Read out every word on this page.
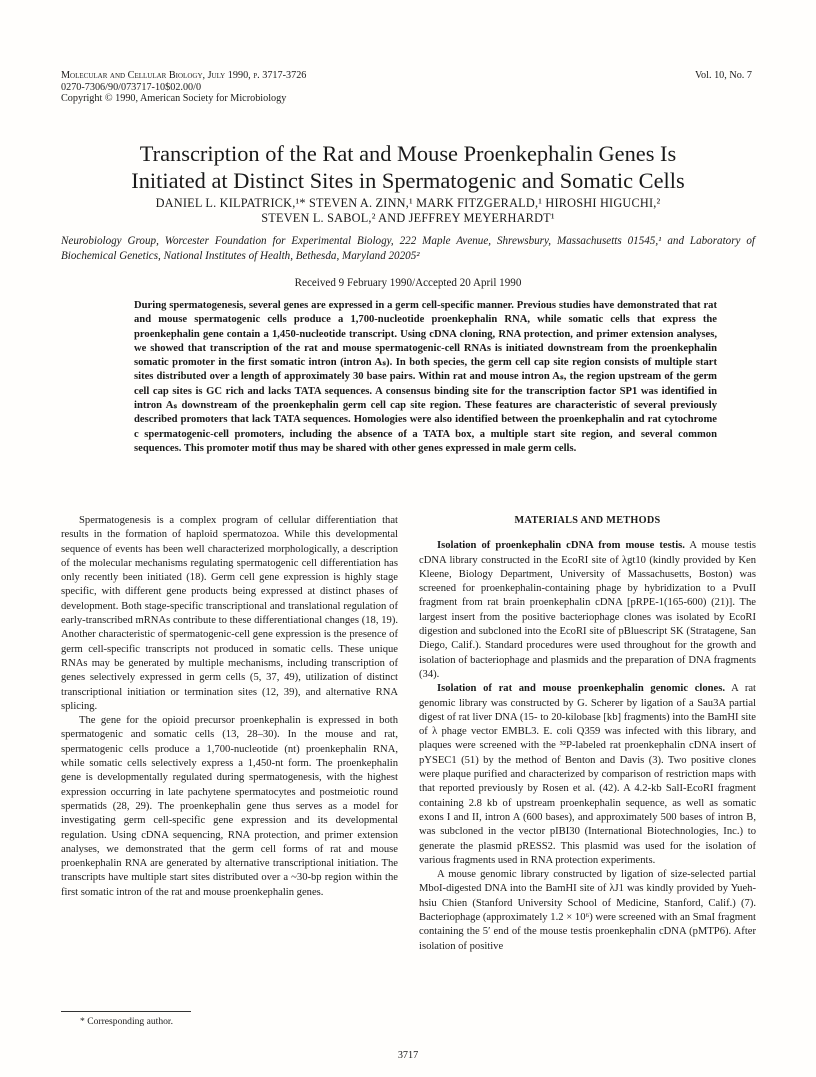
Molecular and Cellular Biology, July 1990, p. 3717-3726
0270-7306/90/073717-10$02.00/0
Copyright © 1990, American Society for Microbiology
Vol. 10, No. 7
Transcription of the Rat and Mouse Proenkephalin Genes Is
Initiated at Distinct Sites in Spermatogenic and Somatic Cells
DANIEL L. KILPATRICK,¹* STEVEN A. ZINN,¹ MARK FITZGERALD,¹ HIROSHI HIGUCHI,²
STEVEN L. SABOL,² AND JEFFREY MEYERHARDT¹
Neurobiology Group, Worcester Foundation for Experimental Biology, 222 Maple Avenue, Shrewsbury, Massachusetts 01545,¹ and Laboratory of Biochemical Genetics, National Institutes of Health, Bethesda, Maryland 20205²
Received 9 February 1990/Accepted 20 April 1990
During spermatogenesis, several genes are expressed in a germ cell-specific manner. Previous studies have demonstrated that rat and mouse spermatogenic cells produce a 1,700-nucleotide proenkephalin RNA, while somatic cells that express the proenkephalin gene contain a 1,450-nucleotide transcript. Using cDNA cloning, RNA protection, and primer extension analyses, we showed that transcription of the rat and mouse spermatogenic-cell RNAs is initiated downstream from the proenkephalin somatic promoter in the first somatic intron (intron Aₛ). In both species, the germ cell cap site region consists of multiple start sites distributed over a length of approximately 30 base pairs. Within rat and mouse intron Aₛ, the region upstream of the germ cell cap sites is GC rich and lacks TATA sequences. A consensus binding site for the transcription factor SP1 was identified in intron Aₛ downstream of the proenkephalin germ cell cap site region. These features are characteristic of several previously described promoters that lack TATA sequences. Homologies were also identified between the proenkephalin and rat cytochrome c spermatogenic-cell promoters, including the absence of a TATA box, a multiple start site region, and several common sequences. This promoter motif thus may be shared with other genes expressed in male germ cells.

Spermatogenesis is a complex program of cellular differentiation that results in the formation of haploid spermatozoa. While this developmental sequence of events has been well characterized morphologically, a description of the molecular mechanisms regulating spermatogenic cell differentiation has only recently been initiated (18). Germ cell gene expression is highly stage specific, with different gene products being expressed at distinct phases of development. Both stage-specific transcriptional and translational regulation of early-transcribed mRNAs contribute to these differentiational changes (18, 19). Another characteristic of spermatogenic-cell gene expression is the presence of germ cell-specific transcripts not produced in somatic cells. These unique RNAs may be generated by multiple mechanisms, including transcription of genes selectively expressed in germ cells (5, 37, 49), utilization of distinct transcriptional initiation or termination sites (12, 39), and alternative RNA splicing.

The gene for the opioid precursor proenkephalin is expressed in both spermatogenic and somatic cells (13, 28–30). In the mouse and rat, spermatogenic cells produce a 1,700-nucleotide (nt) proenkephalin RNA, while somatic cells selectively express a 1,450-nt form. The proenkephalin gene is developmentally regulated during spermatogenesis, with the highest expression occurring in late pachytene spermatocytes and postmeiotic round spermatids (28, 29). The proenkephalin gene thus serves as a model for investigating germ cell-specific gene expression and its developmental regulation. Using cDNA sequencing, RNA protection, and primer extension analyses, we demonstrated that the germ cell forms of rat and mouse proenkephalin RNA are generated by alternative transcriptional initiation. The transcripts have multiple start sites distributed over a ~30-bp region within the first somatic intron of the rat and mouse proenkephalin genes.

MATERIALS AND METHODS

Isolation of proenkephalin cDNA from mouse testis. A mouse testis cDNA library constructed in the EcoRI site of λgt10 (kindly provided by Ken Kleene, Biology Department, University of Massachusetts, Boston) was screened for proenkephalin-containing phage by hybridization to a PvuII fragment from rat brain proenkephalin cDNA [pRPE-1(165-600) (21)]. The largest insert from the positive bacteriophage clones was isolated by EcoRI digestion and subcloned into the EcoRI site of pBluescript SK (Stratagene, San Diego, Calif.). Standard procedures were used throughout for the growth and isolation of bacteriophage and plasmids and the preparation of DNA fragments (34).

Isolation of rat and mouse proenkephalin genomic clones. A rat genomic library was constructed by G. Scherer by ligation of a Sau3A partial digest of rat liver DNA (15- to 20-kilobase [kb] fragments) into the BamHI site of λ phage vector EMBL3. E. coli Q359 was infected with this library, and plaques were screened with the ³²P-labeled rat proenkephalin cDNA insert of pYSEC1 (51) by the method of Benton and Davis (3). Two positive clones were plaque purified and characterized by comparison of restriction maps with that reported previously by Rosen et al. (42). A 4.2-kb SalI-EcoRI fragment containing 2.8 kb of upstream proenkephalin sequence, as well as somatic exons I and II, intron A (600 bases), and approximately 500 bases of intron B, was subcloned in the vector pIBI30 (International Biotechnologies, Inc.) to generate the plasmid pRESS2. This plasmid was used for the isolation of various fragments used in RNA protection experiments.

A mouse genomic library constructed by ligation of size-selected partial MboI-digested DNA into the BamHI site of λJ1 was kindly provided by Yueh-hsiu Chien (Stanford University School of Medicine, Stanford, Calif.) (7). Bacteriophage (approximately 1.2 × 10⁶) were screened with an SmaI fragment containing the 5′ end of the mouse testis proenkephalin cDNA (pMTP6). After isolation of positive

* Corresponding author.
3717
